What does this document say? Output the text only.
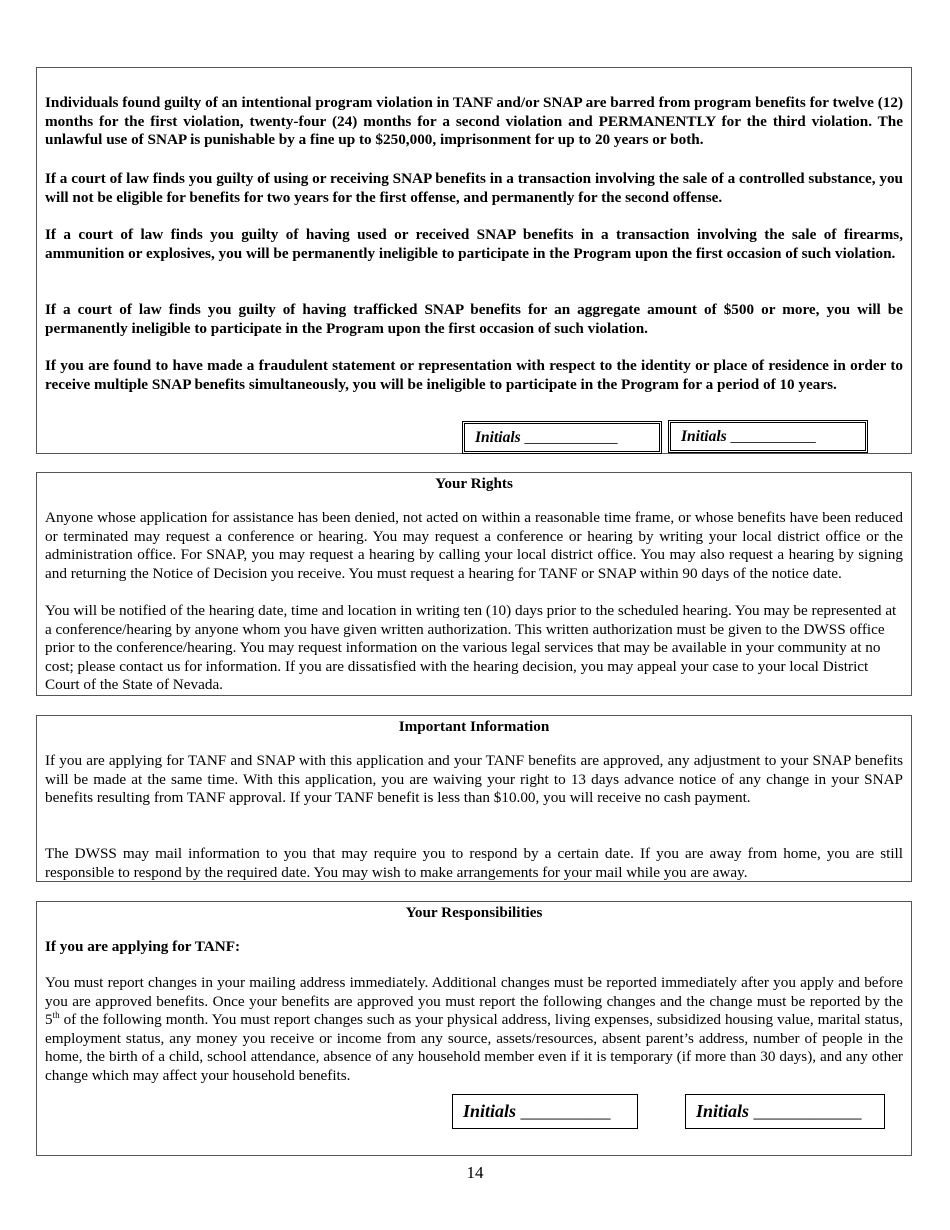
Individuals found guilty of an intentional program violation in TANF and/or SNAP are barred from program benefits for twelve (12) months for the first violation, twenty-four (24) months for a second violation and PERMANENTLY for the third violation. The unlawful use of SNAP is punishable by a fine up to $250,000, imprisonment for up to 20 years or both.

If a court of law finds you guilty of using or receiving SNAP benefits in a transaction involving the sale of a controlled substance, you will not be eligible for benefits for two years for the first offense, and permanently for the second offense.

If a court of law finds you guilty of having used or received SNAP benefits in a transaction involving the sale of firearms, ammunition or explosives, you will be permanently ineligible to participate in the Program upon the first occasion of such violation.

If a court of law finds you guilty of having trafficked SNAP benefits for an aggregate amount of $500 or more, you will be permanently ineligible to participate in the Program upon the first occasion of such violation.

If you are found to have made a fraudulent statement or representation with respect to the identity or place of residence in order to receive multiple SNAP benefits simultaneously, you will be ineligible to participate in the Program for a period of 10 years.

Initials ____________	Initials ___________

Your Rights

Anyone whose application for assistance has been denied, not acted on within a reasonable time frame, or whose benefits have been reduced or terminated may request a conference or hearing. You may request a conference or hearing by writing your local district office or the administration office. For SNAP, you may request a hearing by calling your local district office. You may also request a hearing by signing and returning the Notice of Decision you receive. You must request a hearing for TANF or SNAP within 90 days of the notice date.

You will be notified of the hearing date, time and location in writing ten (10) days prior to the scheduled hearing. You may be represented at a conference/hearing by anyone whom you have given written authorization. This written authorization must be given to the DWSS office prior to the conference/hearing. You may request information on the various legal services that may be available in your community at no cost; please contact us for information. If you are dissatisfied with the hearing decision, you may appeal your case to your local District Court of the State of Nevada.

Important Information

If you are applying for TANF and SNAP with this application and your TANF benefits are approved, any adjustment to your SNAP benefits will be made at the same time. With this application, you are waiving your right to 13 days advance notice of any change in your SNAP benefits resulting from TANF approval. If your TANF benefit is less than $10.00, you will receive no cash payment.

The DWSS may mail information to you that may require you to respond by a certain date. If you are away from home, you are still responsible to respond by the required date. You may wish to make arrangements for your mail while you are away.

Your Responsibilities

If you are applying for TANF:

You must report changes in your mailing address immediately. Additional changes must be reported immediately after you apply and before you are approved benefits. Once your benefits are approved you must report the following changes and the change must be reported by the 5th of the following month. You must report changes such as your physical address, living expenses, subsidized housing value, marital status, employment status, any money you receive or income from any source, assets/resources, absent parent’s address, number of people in the home, the birth of a child, school attendance, absence of any household member even if it is temporary (if more than 30 days), and any other change which may affect your household benefits.

Initials __________	Initials ____________
14
